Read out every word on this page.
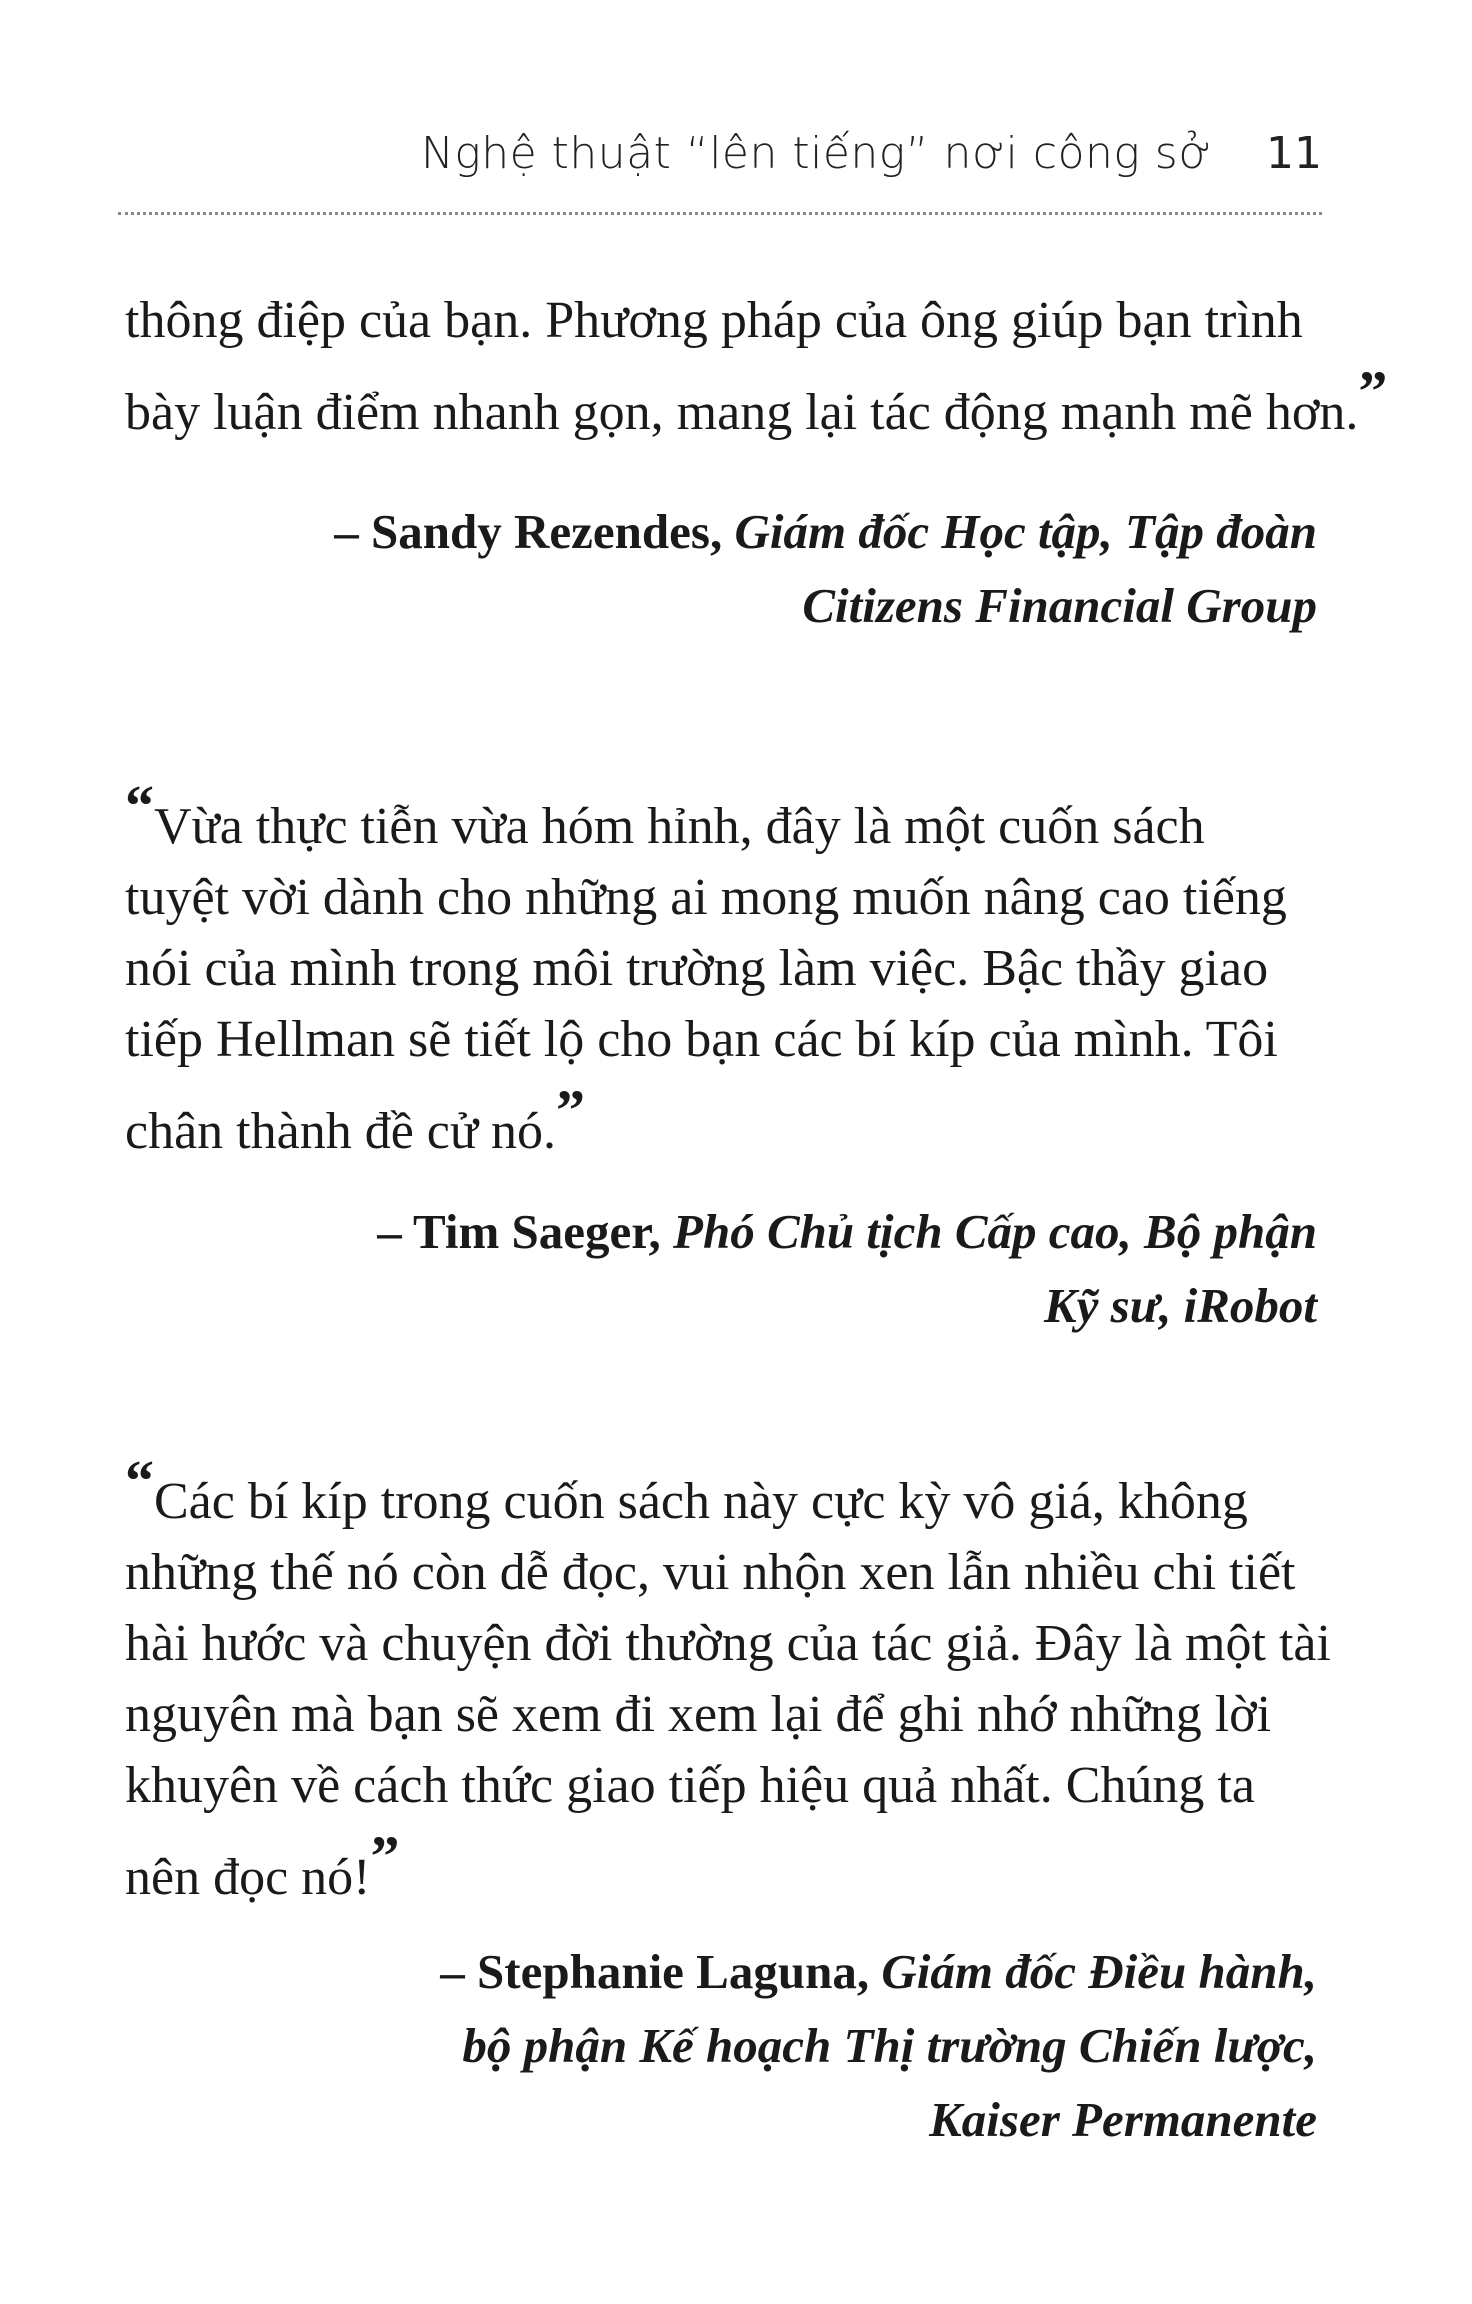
Nghệ thuật “lên tiếng” nơi công sở 11
thông điệp của bạn. Phương pháp của ông giúp bạn trình
bày luận điểm nhanh gọn, mang lại tác động mạnh mẽ hơn.”
– Sandy Rezendes, Giám đốc Học tập, Tập đoàn
Citizens Financial Group
“Vừa thực tiễn vừa hóm hỉnh, đây là một cuốn sách
tuyệt vời dành cho những ai mong muốn nâng cao tiếng
nói của mình trong môi trường làm việc. Bậc thầy giao
tiếp Hellman sẽ tiết lộ cho bạn các bí kíp của mình. Tôi
chân thành đề cử nó.”
– Tim Saeger, Phó Chủ tịch Cấp cao, Bộ phận
Kỹ sư, iRobot
“Các bí kíp trong cuốn sách này cực kỳ vô giá, không
những thế nó còn dễ đọc, vui nhộn xen lẫn nhiều chi tiết
hài hước và chuyện đời thường của tác giả. Đây là một tài
nguyên mà bạn sẽ xem đi xem lại để ghi nhớ những lời
khuyên về cách thức giao tiếp hiệu quả nhất. Chúng ta
nên đọc nó!”
– Stephanie Laguna, Giám đốc Điều hành,
bộ phận Kế hoạch Thị trường Chiến lược,
Kaiser Permanente
